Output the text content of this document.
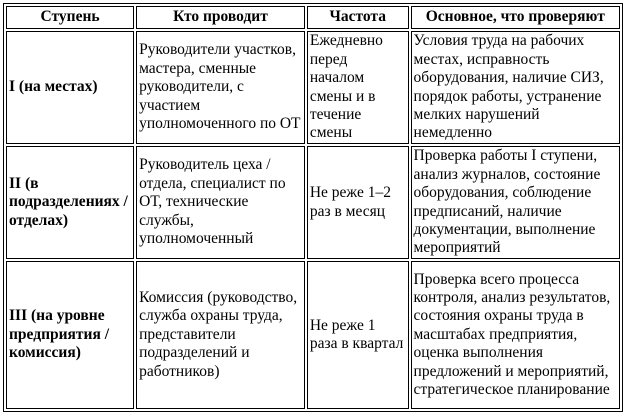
Ступень	Кто проводит	Частота	Основное, что проверяют
I (на местах)	Руководители участков, мастера, сменные руководители, с участием уполномоченного по ОТ	Ежедневно перед началом смены и в течение смены	Условия труда на рабочих местах, исправность оборудования, наличие СИЗ, порядок работы, устранение мелких нарушений немедленно
II (в подразделениях / отделах)	Руководитель цеха / отдела, специалист по ОТ, технические службы, уполномоченный	Не реже 1–2 раз в месяц	Проверка работы I ступени, анализ журналов, состояние оборудования, соблюдение предписаний, наличие документации, выполнение мероприятий
III (на уровне предприятия / комиссия)	Комиссия (руководство, служба охраны труда, представители подразделений и работников)	Не реже 1 раза в квартал	Проверка всего процесса контроля, анализ результатов, состояния охраны труда в масштабах предприятия, оценка выполнения предложений и мероприятий, стратегическое планирование
